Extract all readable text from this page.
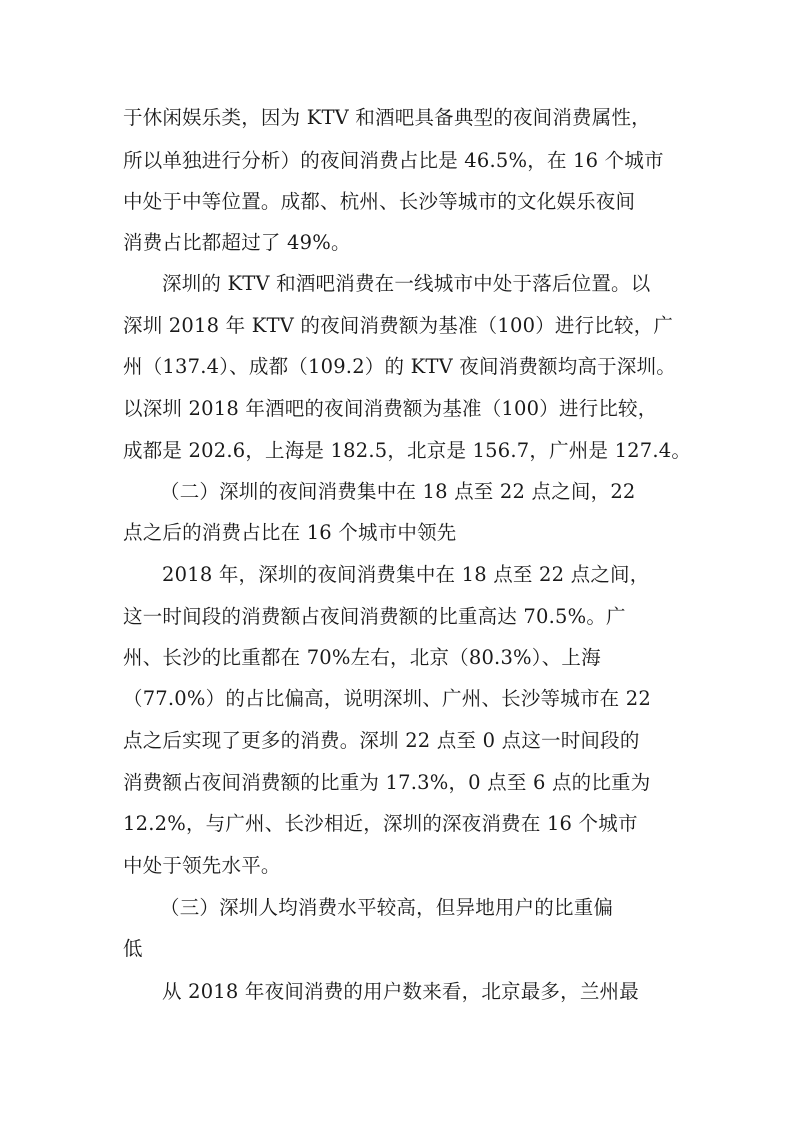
于休闲娱乐类，因为 KTV 和酒吧具备典型的夜间消费属性，
所以单独进行分析）的夜间消费占比是 46.5%，在 16 个城市
中处于中等位置。成都、杭州、长沙等城市的文化娱乐夜间
消费占比都超过了 49%。
深圳的 KTV 和酒吧消费在一线城市中处于落后位置。以
深圳 2018 年 KTV 的夜间消费额为基准（100）进行比较，广
州（137.4）、成都（109.2）的 KTV 夜间消费额均高于深圳。
以深圳 2018 年酒吧的夜间消费额为基准（100）进行比较，
成都是 202.6，上海是 182.5，北京是 156.7，广州是 127.4。
（二）深圳的夜间消费集中在 18 点至 22 点之间，22
点之后的消费占比在 16 个城市中领先
2018 年，深圳的夜间消费集中在 18 点至 22 点之间，
这一时间段的消费额占夜间消费额的比重高达 70.5%。广
州、长沙的比重都在 70%左右，北京（80.3%）、上海
（77.0%）的占比偏高，说明深圳、广州、长沙等城市在 22
点之后实现了更多的消费。深圳 22 点至 0 点这一时间段的
消费额占夜间消费额的比重为 17.3%，0 点至 6 点的比重为
12.2%，与广州、长沙相近，深圳的深夜消费在 16 个城市
中处于领先水平。
（三）深圳人均消费水平较高，但异地用户的比重偏
低
从 2018 年夜间消费的用户数来看，北京最多，兰州最
